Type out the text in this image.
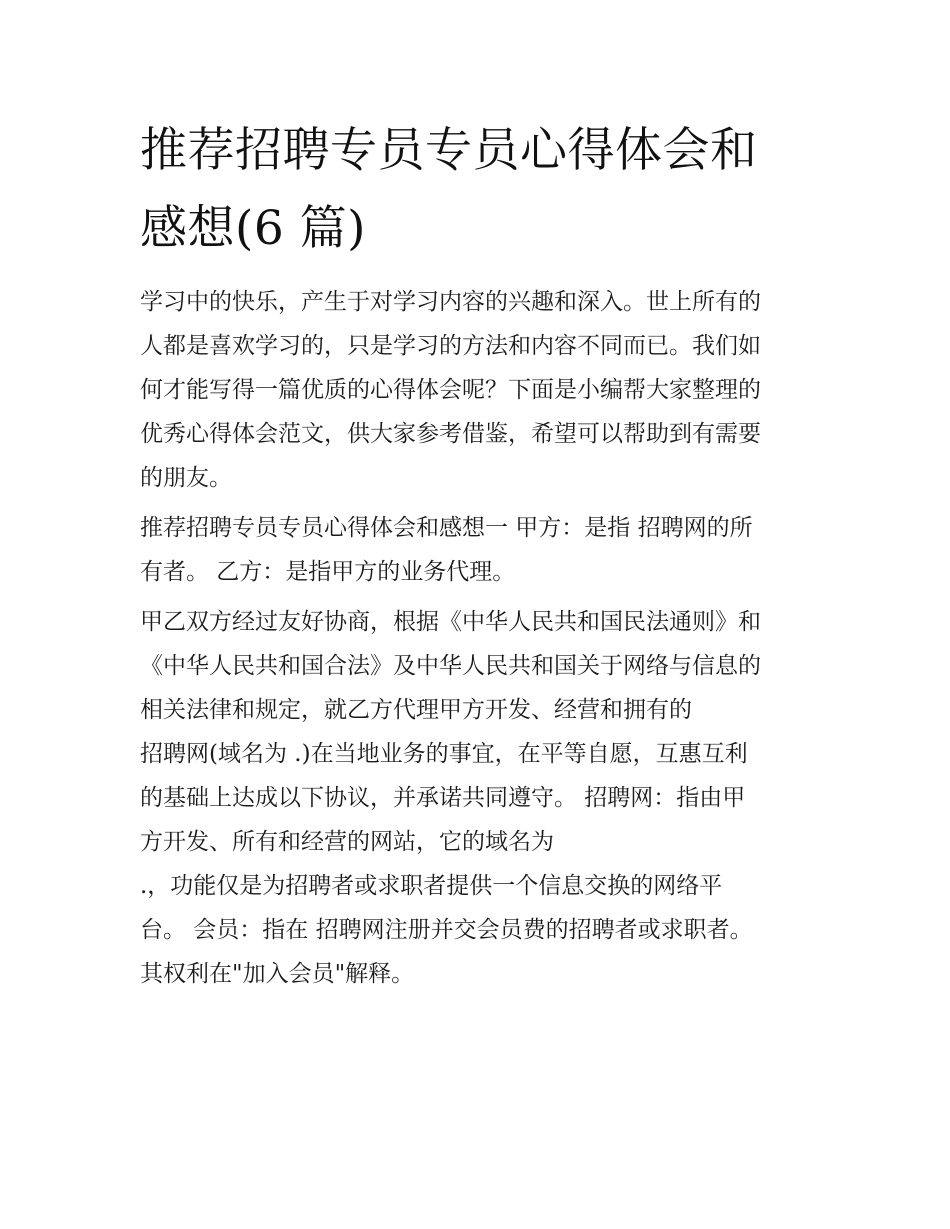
推荐招聘专员专员心得体会和
感想(6 篇)
学习中的快乐，产生于对学习内容的兴趣和深入。世上所有的
人都是喜欢学习的，只是学习的方法和内容不同而已。我们如
何才能写得一篇优质的心得体会呢？下面是小编帮大家整理的
优秀心得体会范文，供大家参考借鉴，希望可以帮助到有需要
的朋友。
推荐招聘专员专员心得体会和感想一 甲方：是指 招聘网的所
有者。 乙方：是指甲方的业务代理。
甲乙双方经过友好协商，根据《中华人民共和国民法通则》和
《中华人民共和国合法》及中华人民共和国关于网络与信息的
相关法律和规定，就乙方代理甲方开发、经营和拥有的
招聘网(域名为 .)在当地业务的事宜，在平等自愿，互惠互利
的基础上达成以下协议，并承诺共同遵守。 招聘网：指由甲
方开发、所有和经营的网站，它的域名为
.，功能仅是为招聘者或求职者提供一个信息交换的网络平
台。 会员：指在 招聘网注册并交会员费的招聘者或求职者。
其权利在"加入会员"解释。
